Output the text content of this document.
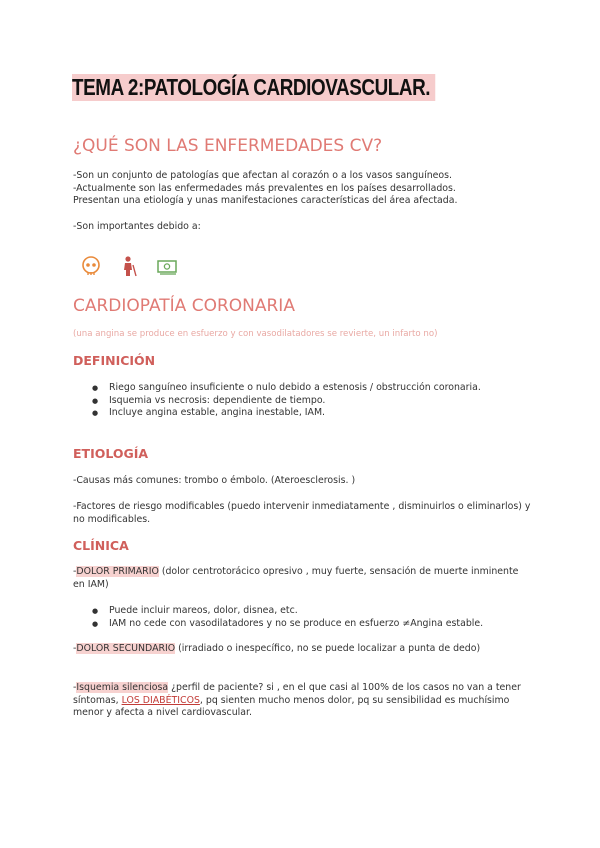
TEMA 2:PATOLOGÍA CARDIOVASCULAR.
¿QUÉ SON LAS ENFERMEDADES CV?
-Son un conjunto de patologías que afectan al corazón o a los vasos sanguíneos.
-Actualmente son las enfermedades más prevalentes en los países desarrollados.
Presentan una etiología y unas manifestaciones características del área afectada.
-Son importantes debido a:
CARDIOPATÍA CORONARIA
(una angina se produce en esfuerzo y con vasodilatadores se revierte, un infarto no)
DEFINICIÓN
● Riego sanguíneo insuficiente o nulo debido a estenosis / obstrucción coronaria.
● Isquemia vs necrosis: dependiente de tiempo.
● Incluye angina estable, angina inestable, IAM.
ETIOLOGÍA
-Causas más comunes: trombo o émbolo. (Ateroesclerosis. )
-Factores de riesgo modificables (puedo intervenir inmediatamente , disminuirlos o eliminarlos) y no modificables.
CLÍNICA
-DOLOR PRIMARIO (dolor centrotorácico opresivo , muy fuerte, sensación de muerte inminente en IAM)
● Puede incluir mareos, dolor, disnea, etc.
● IAM no cede con vasodilatadores y no se produce en esfuerzo ≠Angina estable.
-DOLOR SECUNDARIO (irradiado o inespecífico, no se puede localizar a punta de dedo)
-Isquemia silenciosa ¿perfil de paciente? si , en el que casi al 100% de los casos no van a tener síntomas, LOS DIABÉTICOS, pq sienten mucho menos dolor, pq su sensibilidad es muchísimo menor y afecta a nivel cardiovascular.
